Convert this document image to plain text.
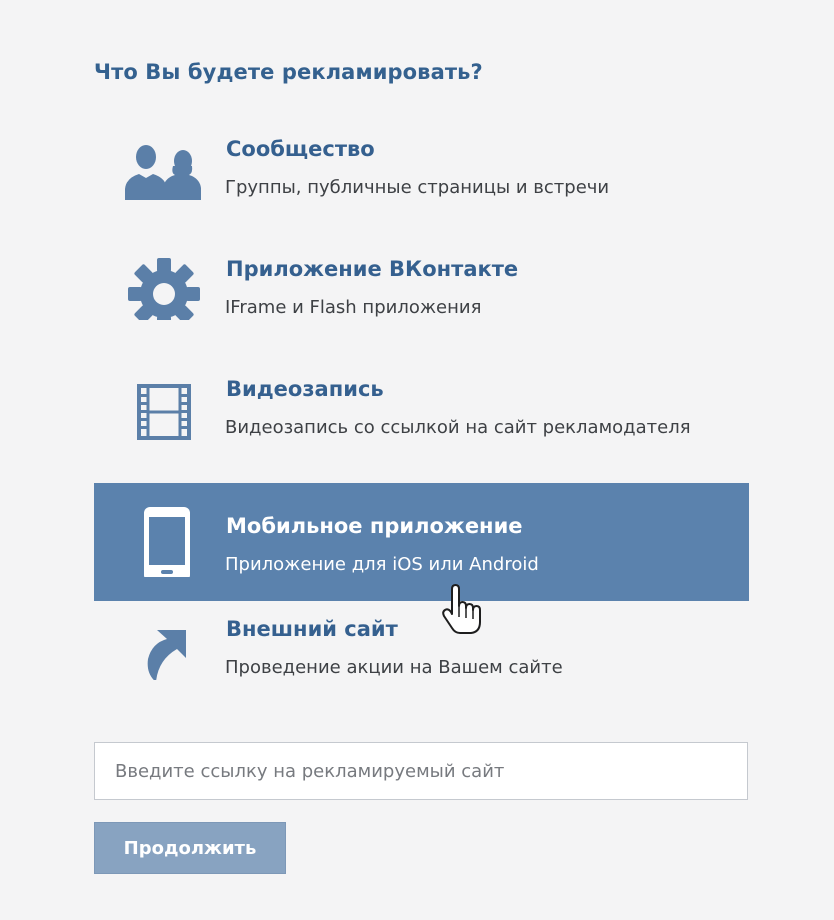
Что Вы будете рекламировать?
Сообщество
Группы, публичные страницы и встречи
Приложение ВКонтакте
IFrame и Flash приложения
Видеозапись
Видеозапись со ссылкой на сайт рекламодателя
Мобильное приложение
Приложение для iOS или Android
Внешний сайт
Проведение акции на Вашем сайте
Введите ссылку на рекламируемый сайт
Продолжить
